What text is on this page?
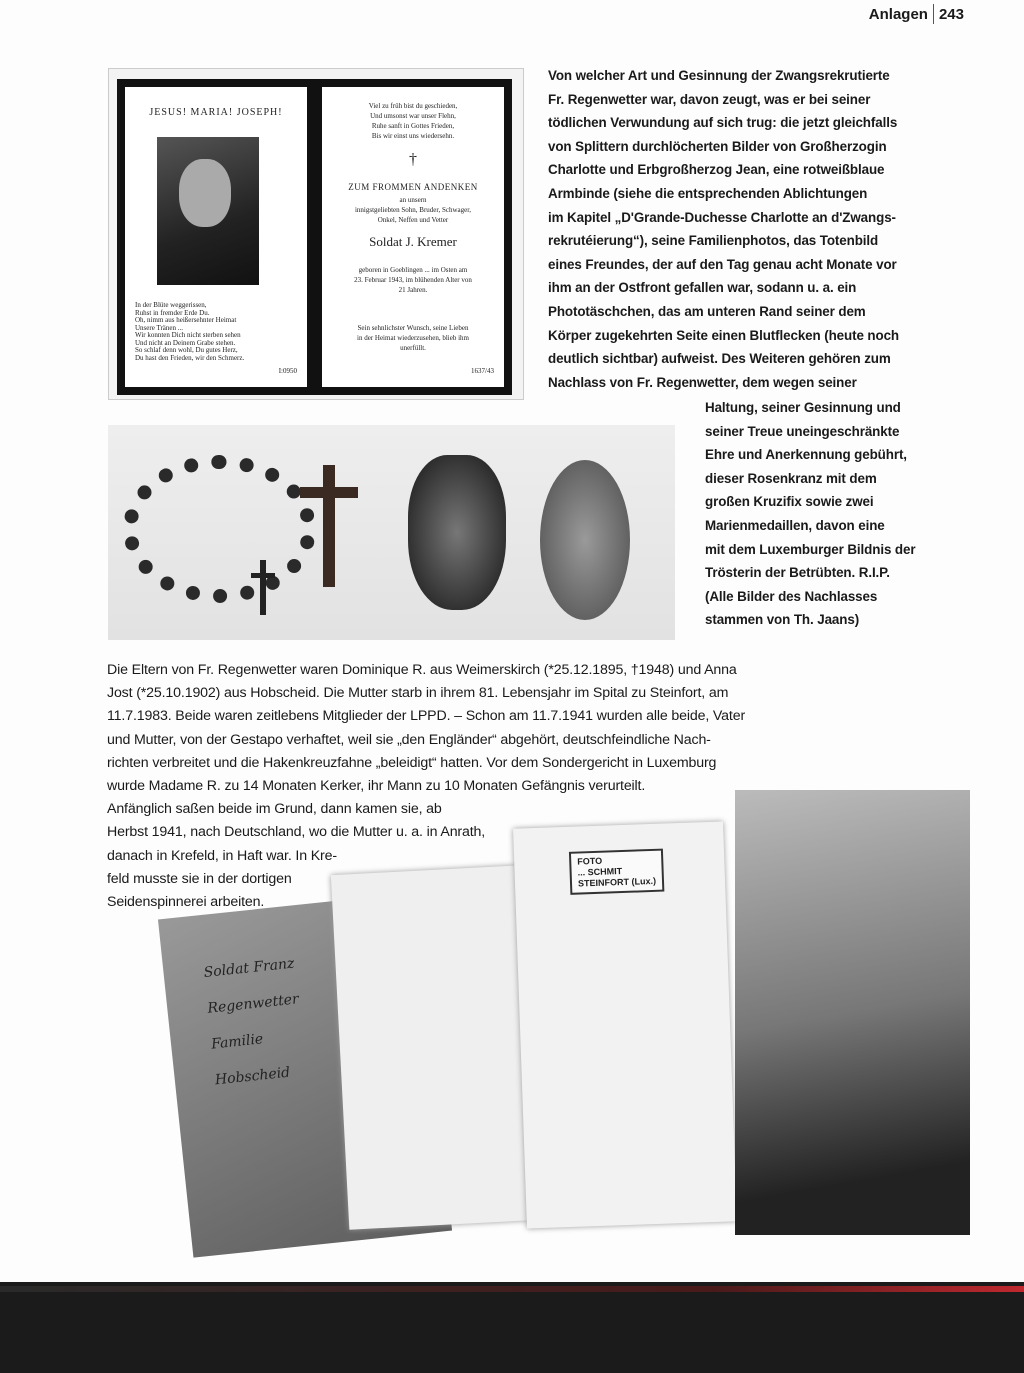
Anlagen 243
JESUS! MARIA! JOSEPH!
In der Blüte weggerissen,
Ruhst in fremder Erde Du.
Oh, nimm aus heißersehnter Heimat
Unsere Tränen ...
Wir konnten Dich nicht sterben sehen
Und nicht an Deinem Grabe stehen.
So schlaf denn wohl, Du gutes Herz,
Du hast den Frieden, wir den Schmerz.
I:0950
Viel zu früh bist du geschieden,
Und umsonst war unser Flehn,
Ruhe sanft in Gottes Frieden,
Bis wir einst uns wiedersehn.
†
ZUM FROMMEN ANDENKEN
an unsern
innigstgeliebten Sohn, Bruder, Schwager,
Onkel, Neffen und Vetter
Soldat J. Kremer
geboren in Goeblingen ... im Osten am
23. Februar 1943, im blühenden Alter von
21 Jahren.
Sein sehnlichster Wunsch, seine Lieben
in der Heimat wiederzusehen, blieb ihm
unerfüllt.
1637/43
Von welcher Art und Gesinnung der Zwangsrekrutierte
Fr. Regenwetter war, davon zeugt, was er bei seiner
tödlichen Verwundung auf sich trug: die jetzt gleichfalls
von Splittern durchlöcherten Bilder von Großherzogin
Charlotte und Erbgroßherzog Jean, eine rotweißblaue
Armbinde (siehe die entsprechenden Ablichtungen
im Kapitel „D'Grande-Duchesse Charlotte an d'Zwangs-
rekrutéierung“), seine Familienphotos, das Totenbild
eines Freundes, der auf den Tag genau acht Monate vor
ihm an der Ostfront gefallen war, sodann u. a. ein
Phototäschchen, das am unteren Rand seiner dem
Körper zugekehrten Seite einen Blutflecken (heute noch
deutlich sichtbar) aufweist. Des Weiteren gehören zum
Nachlass von Fr. Regenwetter, dem wegen seiner
Haltung, seiner Gesinnung und
seiner Treue uneingeschränkte
Ehre und Anerkennung gebührt,
dieser Rosenkranz mit dem
großen Kruzifix sowie zwei
Marienmedaillen, davon eine
mit dem Luxemburger Bildnis der
Trösterin der Betrübten. R.I.P.
(Alle Bilder des Nachlasses
stammen von Th. Jaans)
Die Eltern von Fr. Regenwetter waren Dominique R. aus Weimerskirch (*25.12.1895, †1948) und Anna
Jost (*25.10.1902) aus Hobscheid. Die Mutter starb in ihrem 81. Lebensjahr im Spital zu Steinfort, am
11.7.1983. Beide waren zeitlebens Mitglieder der LPPD. – Schon am 11.7.1941 wurden alle beide, Vater
und Mutter, von der Gestapo verhaftet, weil sie „den Engländer“ abgehört, deutschfeindliche Nach-
richten verbreitet und die Hakenkreuzfahne „beleidigt“ hatten. Vor dem Sondergericht in Luxemburg
wurde Madame R. zu 14 Monaten Kerker, ihr Mann zu 10 Monaten Gefängnis verurteilt.
Anfänglich saßen beide im Grund, dann kamen sie, ab
Herbst 1941, nach Deutschland, wo die Mutter u. a. in Anrath,
danach in Krefeld, in Haft war. In Kre-
feld musste sie in der dortigen
Seidenspinnerei arbeiten.
Soldat Franz
Regenwetter
Familie
Hobscheid
FOTO
... SCHMIT
STEINFORT (Lux.)
